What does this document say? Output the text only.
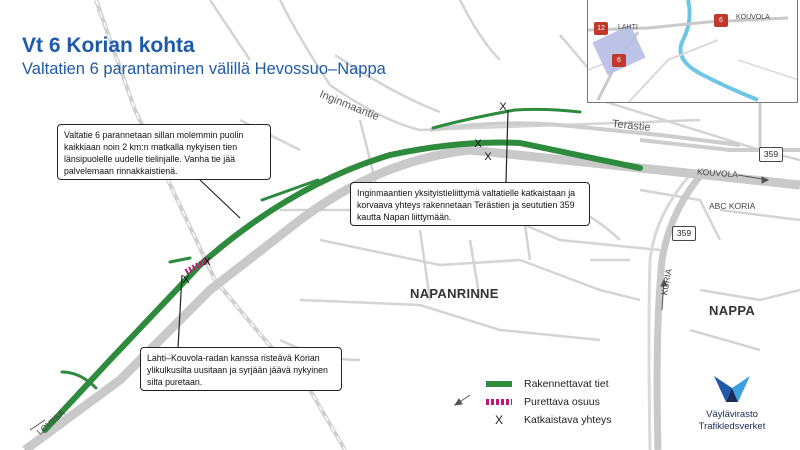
X
X
X
X
X
Vt 6 Korian kohta

Valtatien 6 parantaminen välillä Hevossuo–Nappa

Valtatie 6 parannetaan sillan molemmin puolin kaikkiaan noin 2 km:n matkalla nykyisen tien länsipuolelle uudelle tielinjalle. Vanha tie jää palvelemaan rinnakkaistienä.
Inginmaantien yksityistieliittymä valtatielle katkaistaan ja korvaava yhteys rakennetaan Terästien ja seututien 359 kautta Napan liittymään.
Lahti–Kouvola-radan kanssa risteävä Korian ylikulkusilta uusitaan ja syrjään jäävä nykyinen silta puretaan.
Inginmaantie
Terästie
KOUVOLA
ABC KORIA
NAPANRINNE
NAPPA
KORIA
LOVIISA
359
359
12	LAHTI
6	KOUVOLA
6
Rakennettavat tiet
Purettava osuus
X	Katkaistava yhteys	Väylävirasto
Trafikledsverket
